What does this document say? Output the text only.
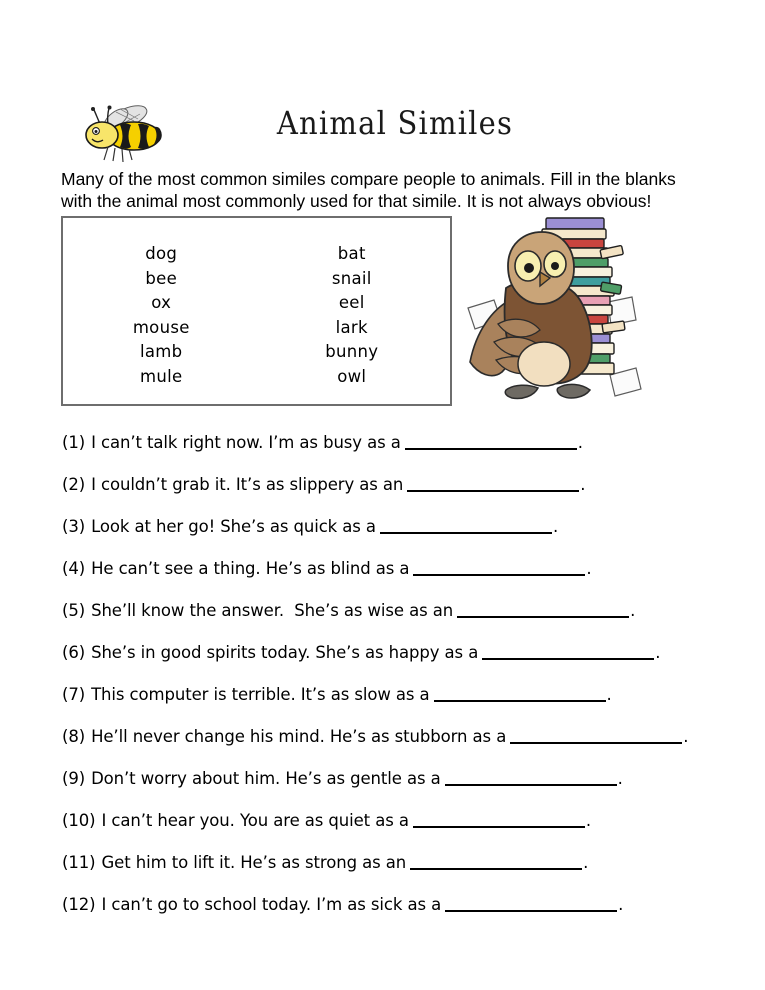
Animal Similes
Many of the most common similes compare people to animals. Fill in the blanks with the animal most commonly used for that simile. It is not always obvious!
dog
bee
ox
mouse
lamb
mule
bat
snail
eel
lark
bunny
owl
(1) I can’t talk right now. I’m as busy as a	.
(2) I couldn’t grab it. It’s as slippery as an	.
(3) Look at her go! She’s as quick as a	.
(4) He can’t see a thing. He’s as blind as a	.
(5) She’ll know the answer.  She’s as wise as an	.
(6) She’s in good spirits today. She’s as happy as a	.
(7) This computer is terrible. It’s as slow as a	.
(8) He’ll never change his mind. He’s as stubborn as a	.
(9) Don’t worry about him. He’s as gentle as a	.
(10) I can’t hear you. You are as quiet as a	.
(11) Get him to lift it. He’s as strong as an	.
(12) I can’t go to school today. I’m as sick as a	.
